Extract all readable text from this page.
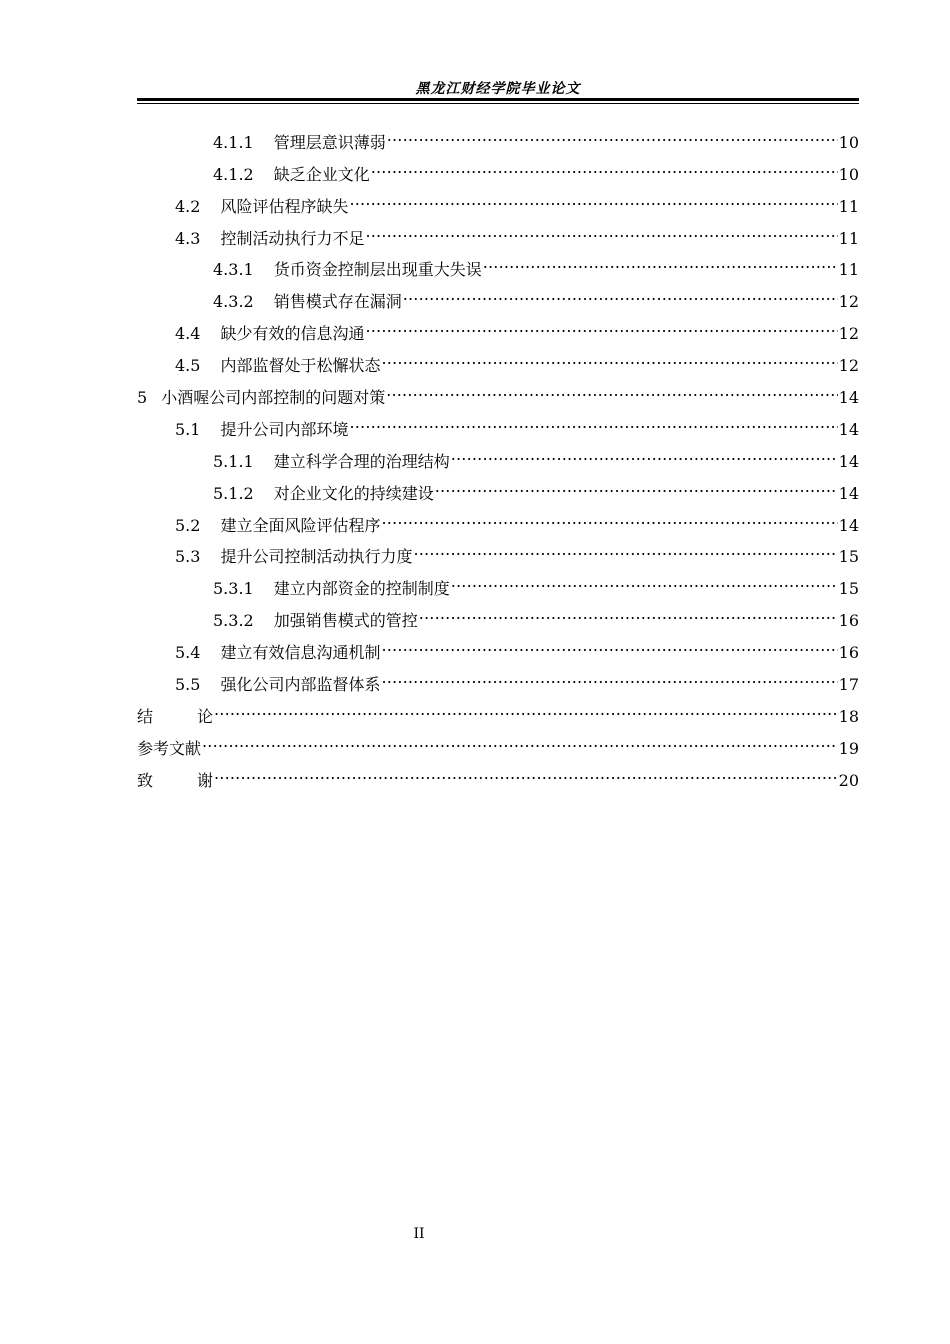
黑龙江财经学院毕业论文
4.1.1 管理层意识薄弱 .....	10
4.1.2 缺乏企业文化 .....	10
4.2 风险评估程序缺失 .....	11
4.3 控制活动执行力不足 .....	11
4.3.1 货币资金控制层出现重大失误 .....	11
4.3.2 销售模式存在漏洞 .....	12
4.4 缺少有效的信息沟通 .....	12
4.5 内部监督处于松懈状态 .....	12
5 小酒喔公司内部控制的问题对策 .....	14
5.1 提升公司内部环境 .....	14
5.1.1 建立科学合理的治理结构 .....	14
5.1.2 对企业文化的持续建设 .....	14
5.2 建立全面风险评估程序 .....	14
5.3 提升公司控制活动执行力度 .....	15
5.3.1 建立内部资金的控制制度 .....	15
5.3.2 加强销售模式的管控 .....	16
5.4 建立有效信息沟通机制 .....	16
5.5 强化公司内部监督体系 .....	17
结论 .....	18
参考文献 .....	19
致谢 .....	20
II
